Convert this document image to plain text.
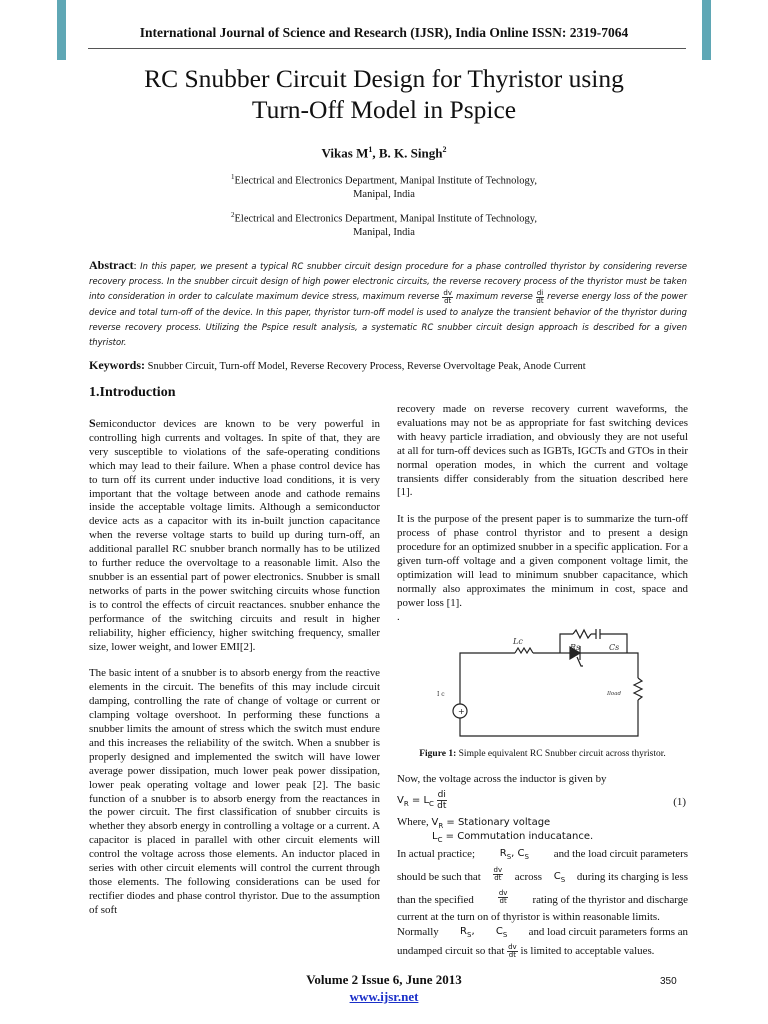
International Journal of Science and Research (IJSR), India Online ISSN: 2319-7064
RC Snubber Circuit Design for Thyristor using
Turn-Off Model in Pspice
Vikas $M^1$, B. K. Singh$^2$
$^1$Electrical and Electronics Department, Manipal Institute of Technology,
Manipal, India
$^2$Electrical and Electronics Department, Manipal Institute of Technology,
Manipal, India
Abstract: In this paper, we present a typical RC snubber circuit design procedure for a phase controlled thyristor by considering reverse recovery process. In the snubber circuit design of high power electronic circuits, the reverse recovery process of the thyristor must be taken into consideration in order to calculate maximum device stress, maximum reverse $\frac{dv}{dt}$ maximum reverse $\frac{di}{dt}$ reverse energy loss of the power device and total turn-off of the device. In this paper, thyristor turn-off model is used to analyze the transient behavior of the thyristor during reverse recovery process. Utilizing the Pspice result analysis, a systematic RC snubber circuit design approach is described for a given thyristor.
Keywords: Snubber Circuit, Turn-off Model, Reverse Recovery Process, Reverse Overvoltage Peak, Anode Current
1.Introduction

Semiconductor devices are known to be very powerful in controlling high currents and voltages. In spite of that, they are very susceptible to violations of the safe-operating conditions which may lead to their failure. When a phase control device has to turn off its current under inductive load conditions, it is very important that the voltage between anode and cathode remains inside the acceptable voltage limits. Although a semiconductor device acts as a capacitor with its in-built junction capacitance when the reverse voltage starts to build up during turn-off, an additional parallel RC snubber branch normally has to be utilized to further reduce the overvoltage to a reasonable limit. Also the snubber is an essential part of power electronics. Snubber is small networks of parts in the power switching circuits whose function is to control the effects of circuit reactances. snubber enhance the performance of the switching circuits and result in higher reliability, higher efficiency, higher switching frequency, smaller size, lower weight, and lower EMI[2].

The basic intent of a snubber is to absorb energy from the reactive elements in the circuit. The benefits of this may include circuit damping, controlling the rate of change of voltage or current or clamping voltage overshoot. In performing these functions a snubber limits the amount of stress which the switch must endure and this increases the reliability of the switch. When a snubber is properly designed and implemented the switch will have lower average power dissipation, much lower peak power dissipation, lower peak operating voltage and lower peak [2]. The basic function of a snubber is to absorb energy from the reactances in the power circuit. The first classification of snubber circuits is whether they absorb energy in controlling a voltage or a current. A capacitor is placed in parallel with other circuit elements will control the voltage across those elements. An inductor placed in series with other circuit elements will control the current through those elements. The following considerations can be used for rectifier diodes and phase control thyristor. Due to the assumption of soft

recovery made on reverse recovery current waveforms, the evaluations may not be as appropriate for fast switching devices with heavy particle irradiation, and obviously they are not useful at all for turn-off devices such as IGBTs, IGCTs and GTOs in their normal operation modes, in which the current and voltage transients differ considerably from the situation described here [1].

It is the purpose of the present paper is to summarize the turn-off process of phase control thyristor and to present a design procedure for an optimized snubber in a specific application. For a given turn-off voltage and a given component voltage limit, the optimization will lead to minimum snubber capacitance, which normally also approximates the minimum in cost, space and power loss [1].

.

+
Lc
Rs	Cs
I c	Iload
Figure 1: Simple equivalent RC Snubber circuit across thyristor.
Now, the voltage across the inductor is given by
$V_R = L_C \frac{di}{dt}$	(1)
Where, $V_R$ = Stationary voltage
$L_C$ = Commutation inducatance.

In actual practice; $R_S$, $C_S$ and the load circuit parameters

should be such that $\frac{dv}{dt}$ across $C_S$ during its charging is less

than the specified	$\frac{dv}{dt}$ rating of the thyristor and discharge

current at the turn on of thyristor is within reasonable limits.

Normally $R_S$, $C_S$ and load circuit parameters forms an

undamped circuit so that $\frac{dv}{dt}$ is limited to acceptable values.

Volume 2 Issue 6, June 2013
www.ijsr.net
350
